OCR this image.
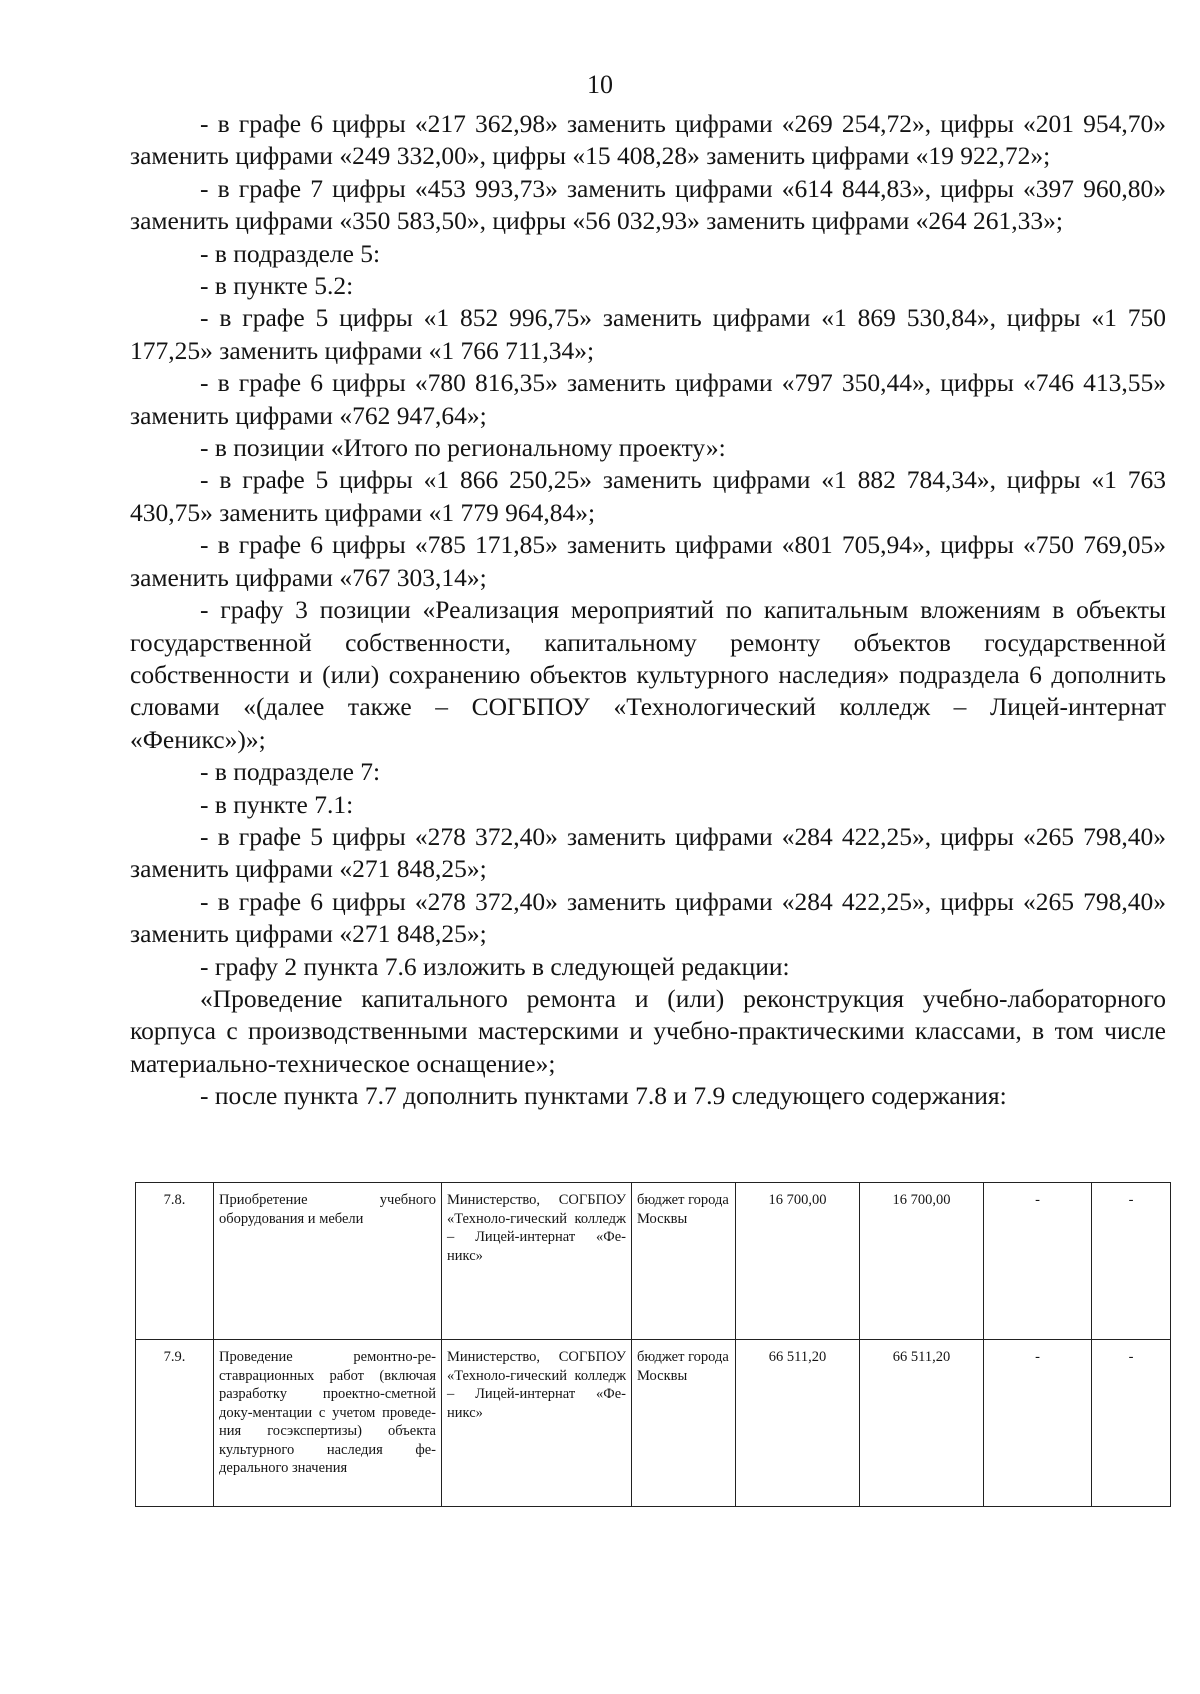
10

- в графе 6 цифры «217 362,98» заменить цифрами «269 254,72», цифры «201 954,70» заменить цифрами «249 332,00», цифры «15 408,28» заменить цифрами «19 922,72»;

- в графе 7 цифры «453 993,73» заменить цифрами «614 844,83», цифры «397 960,80» заменить цифрами «350 583,50», цифры «56 032,93» заменить цифрами «264 261,33»;

- в подразделе 5:

- в пункте 5.2:

- в графе 5 цифры «1 852 996,75» заменить цифрами «1 869 530,84», цифры «1 750 177,25» заменить цифрами «1 766 711,34»;

- в графе 6 цифры «780 816,35» заменить цифрами «797 350,44», цифры «746 413,55» заменить цифрами «762 947,64»;

- в позиции «Итого по региональному проекту»:

- в графе 5 цифры «1 866 250,25» заменить цифрами «1 882 784,34», цифры «1 763 430,75» заменить цифрами «1 779 964,84»;

- в графе 6 цифры «785 171,85» заменить цифрами «801 705,94», цифры «750 769,05» заменить цифрами «767 303,14»;

- графу 3 позиции «Реализация мероприятий по капитальным вложениям в объекты государственной собственности, капитальному ремонту объектов государственной собственности и (или) сохранению объектов культурного наследия» подраздела 6 дополнить словами «(далее также – СОГБПОУ «Технологический колледж – Лицей-интернат «Феникс»)»;

- в подразделе 7:

- в пункте 7.1:

- в графе 5 цифры «278 372,40» заменить цифрами «284 422,25», цифры «265 798,40» заменить цифрами «271 848,25»;

- в графе 6 цифры «278 372,40» заменить цифрами «284 422,25», цифры «265 798,40» заменить цифрами «271 848,25»;

- графу 2 пункта 7.6 изложить в следующей редакции:

«Проведение капитального ремонта и (или) реконструкция учебно-лабораторного корпуса с производственными мастерскими и учебно-практическими классами, в том числе материально-техническое оснащение»;

- после пункта 7.7 дополнить пунктами 7.8 и 7.9 следующего содержания:

7.8.	Приобретение учебного оборудования и мебели	Министерство, СОГБПОУ «Техноло-гический колледж – Лицей-интернат «Фе-никс»	бюджет города Москвы	16 700,00	16 700,00	-	-
7.9.	Проведение ремонтно-ре-ставрационных работ (включая разработку проектно-сметной доку-ментации с учетом проведе-ния госэкспертизы) объекта культурного наследия фе-дерального значения	Министерство, СОГБПОУ «Техноло-гический колледж – Лицей-интернат «Фе-никс»	бюджет города Москвы	66 511,20	66 511,20	-	-
